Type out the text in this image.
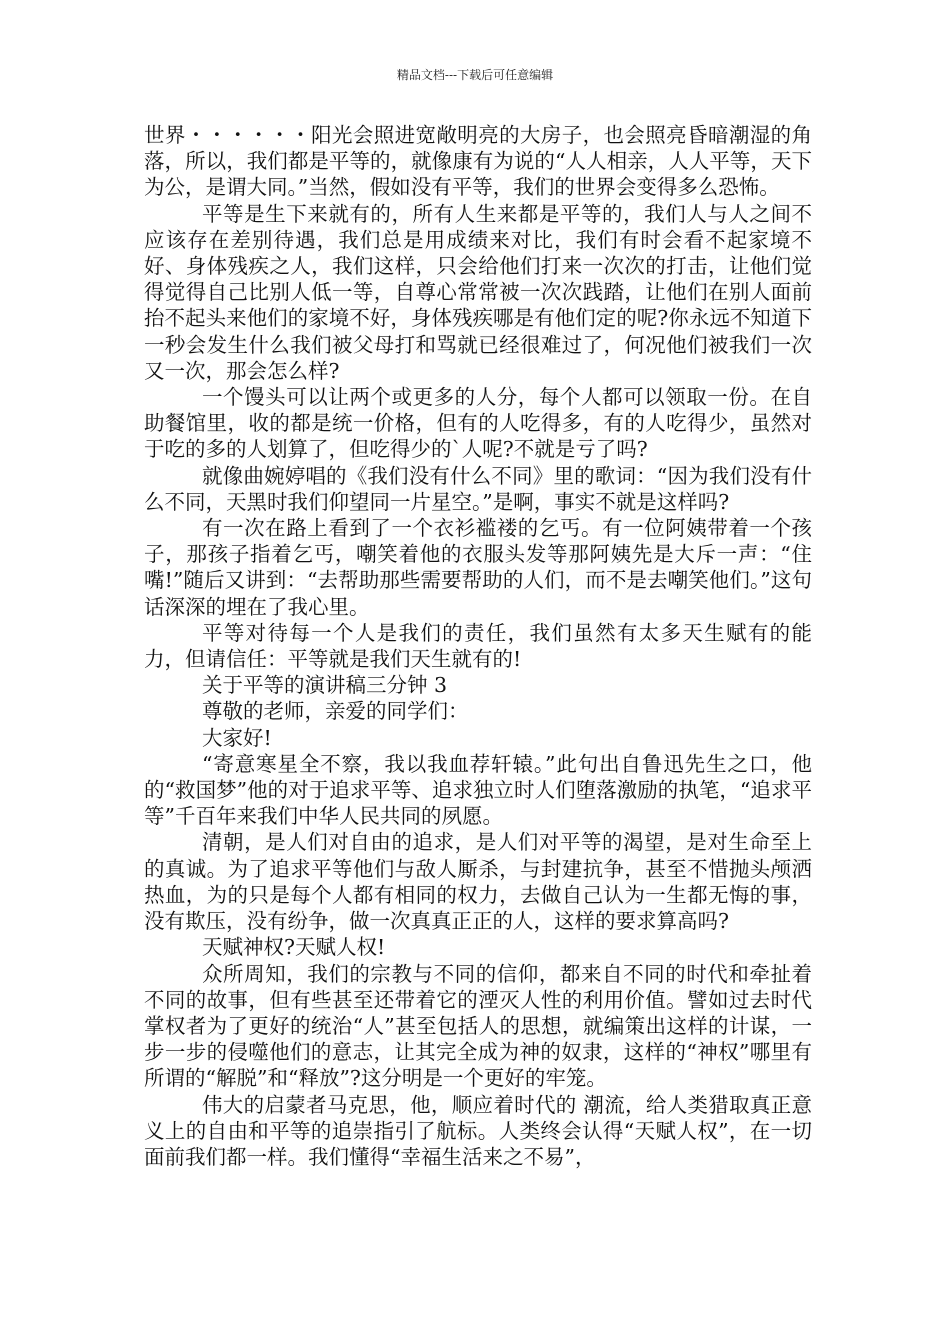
精品文档---下载后可任意编辑

世界・・・・・・阳光会照进宽敞明亮的大房子，也会照亮昏暗潮湿的角落，所以，我们都是平等的，就像康有为说的“人人相亲，人人平等，天下为公，是谓大同。”当然，假如没有平等，我们的世界会变得多么恐怖。

平等是生下来就有的，所有人生来都是平等的，我们人与人之间不应该存在差别待遇，我们总是用成绩来对比，我们有时会看不起家境不好、身体残疾之人，我们这样，只会给他们打来一次次的打击，让他们觉得觉得自己比别人低一等，自尊心常常被一次次践踏，让他们在别人面前抬不起头来他们的家境不好，身体残疾哪是有他们定的呢?你永远不知道下一秒会发生什么我们被父母打和骂就已经很难过了，何况他们被我们一次又一次，那会怎么样?

一个馒头可以让两个或更多的人分，每个人都可以领取一份。在自助餐馆里，收的都是统一价格，但有的人吃得多，有的人吃得少，虽然对于吃的多的人划算了，但吃得少的`人呢?不就是亏了吗?

就像曲婉婷唱的《我们没有什么不同》里的歌词：“因为我们没有什么不同，天黑时我们仰望同一片星空。”是啊，事实不就是这样吗?

有一次在路上看到了一个衣衫褴褛的乞丐。有一位阿姨带着一个孩子，那孩子指着乞丐，嘲笑着他的衣服头发等那阿姨先是大斥一声：“住嘴!”随后又讲到：“去帮助那些需要帮助的人们，而不是去嘲笑他们。”这句话深深的埋在了我心里。

平等对待每一个人是我们的责任，我们虽然有太多天生赋有的能力，但请信任：平等就是我们天生就有的!

关于平等的演讲稿三分钟 3

尊敬的老师，亲爱的同学们：

大家好!

“寄意寒星全不察，我以我血荐轩辕。”此句出自鲁迅先生之口，他的“救国梦”他的对于追求平等、追求独立时人们堕落激励的执笔，“追求平等”千百年来我们中华人民共同的夙愿。

清朝，是人们对自由的追求，是人们对平等的渴望，是对生命至上的真诚。为了追求平等他们与敌人厮杀，与封建抗争，甚至不惜抛头颅洒热血，为的只是每个人都有相同的权力，去做自己认为一生都无悔的事，没有欺压，没有纷争，做一次真真正正的人，这样的要求算高吗?

天赋神权?天赋人权!

众所周知，我们的宗教与不同的信仰，都来自不同的时代和牵扯着不同的故事，但有些甚至还带着它的湮灭人性的利用价值。譬如过去时代掌权者为了更好的统治“人”甚至包括人的思想，就编策出这样的计谋，一步一步的侵噬他们的意志，让其完全成为神的奴隶，这样的“神权”哪里有所谓的“解脱”和“释放”?这分明是一个更好的牢笼。

伟大的启蒙者马克思，他，顺应着时代的 潮流，给人类猎取真正意义上的自由和平等的追崇指引了航标。人类终会认得“天赋人权”，在一切面前我们都一样。我们懂得“幸福生活来之不易”，
